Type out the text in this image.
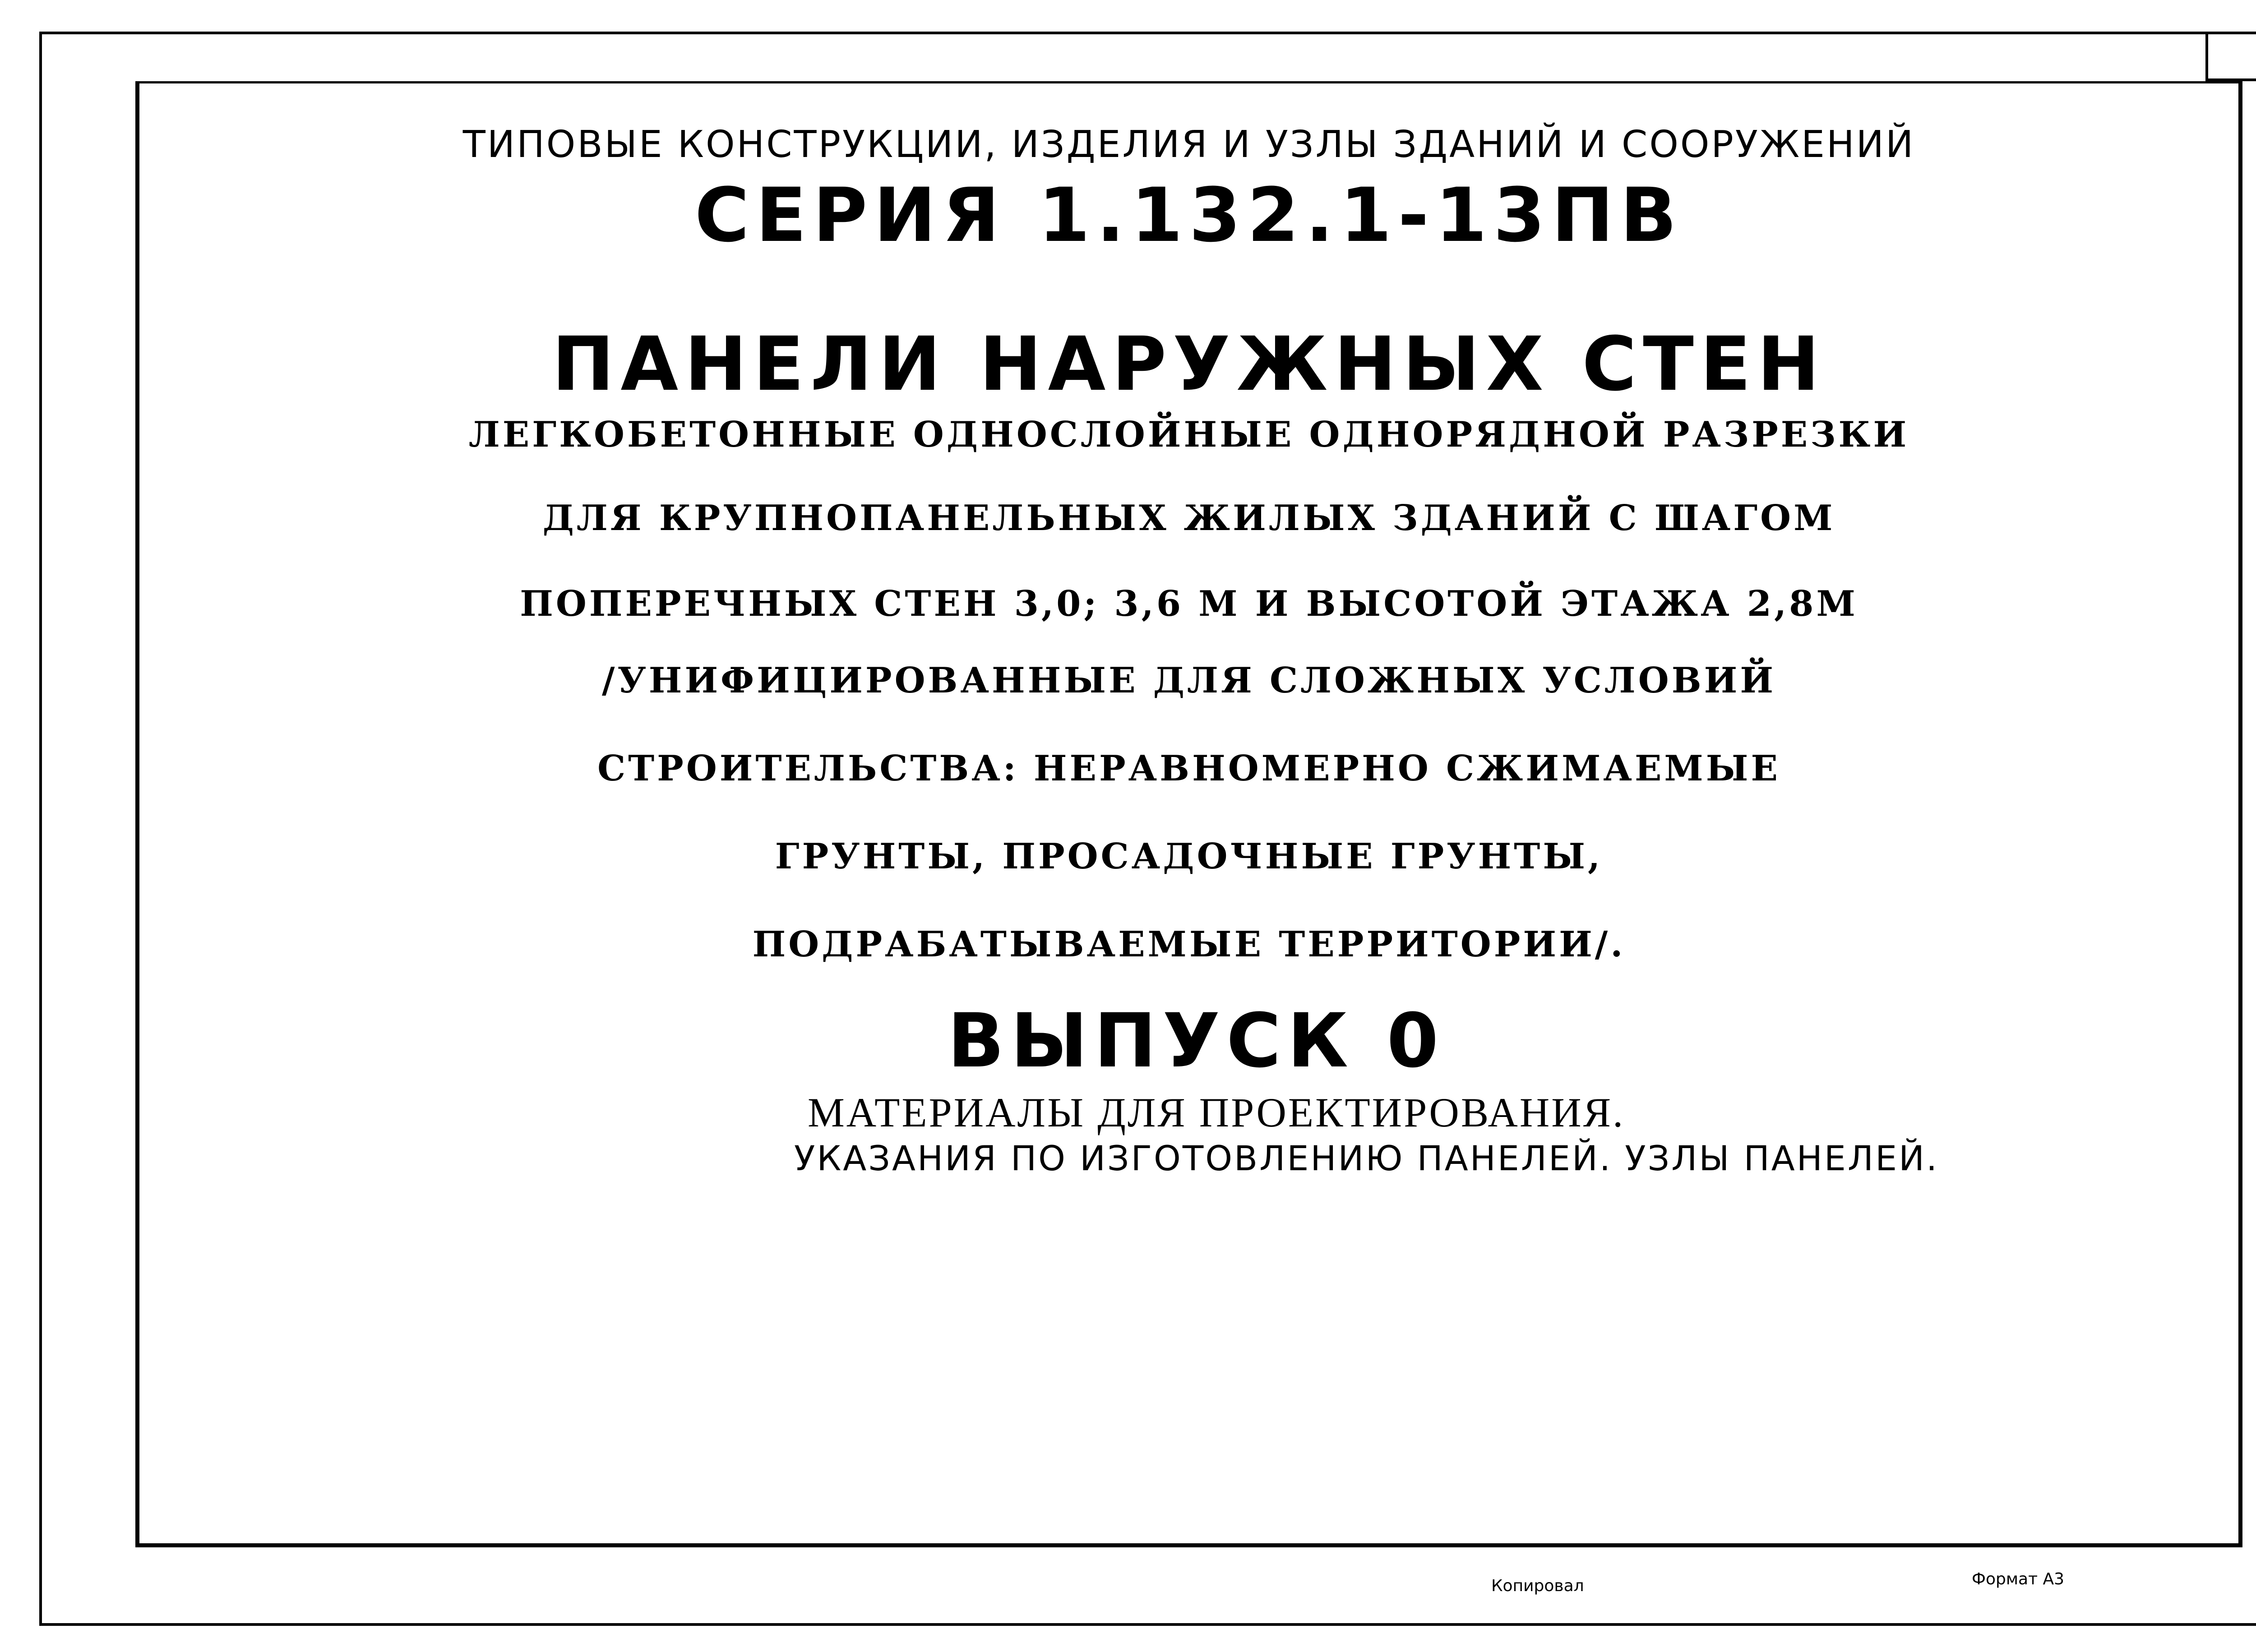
ТИПОВЫЕ КОНСТРУКЦИИ, ИЗДЕЛИЯ И УЗЛЫ ЗДАНИЙ И СООРУЖЕНИЙ
СЕРИЯ 1.132.1-13ПВ
ПАНЕЛИ НАРУЖНЫХ СТЕН
ЛЕГКОБЕТОННЫЕ ОДНОСЛОЙНЫЕ ОДНОРЯДНОЙ РАЗРЕЗКИ
ДЛЯ КРУПНОПАНЕЛЬНЫХ ЖИЛЫХ ЗДАНИЙ С ШАГОМ
ПОПЕРЕЧНЫХ СТЕН 3,0; 3,6 М И ВЫСОТОЙ ЭТАЖА 2,8М
/УНИФИЦИРОВАННЫЕ ДЛЯ СЛОЖНЫХ УСЛОВИЙ
СТРОИТЕЛЬСТВА: НЕРАВНОМЕРНО СЖИМАЕМЫЕ
ГРУНТЫ, ПРОСАДОЧНЫЕ ГРУНТЫ,
ПОДРАБАТЫВАЕМЫЕ ТЕРРИТОРИИ/.
ВЫПУСК 0
МАТЕРИАЛЫ ДЛЯ ПРОЕКТИРОВАНИЯ.
УКАЗАНИЯ ПО ИЗГОТОВЛЕНИЮ ПАНЕЛЕЙ. УЗЛЫ ПАНЕЛЕЙ.
Копировал	Формат А3
